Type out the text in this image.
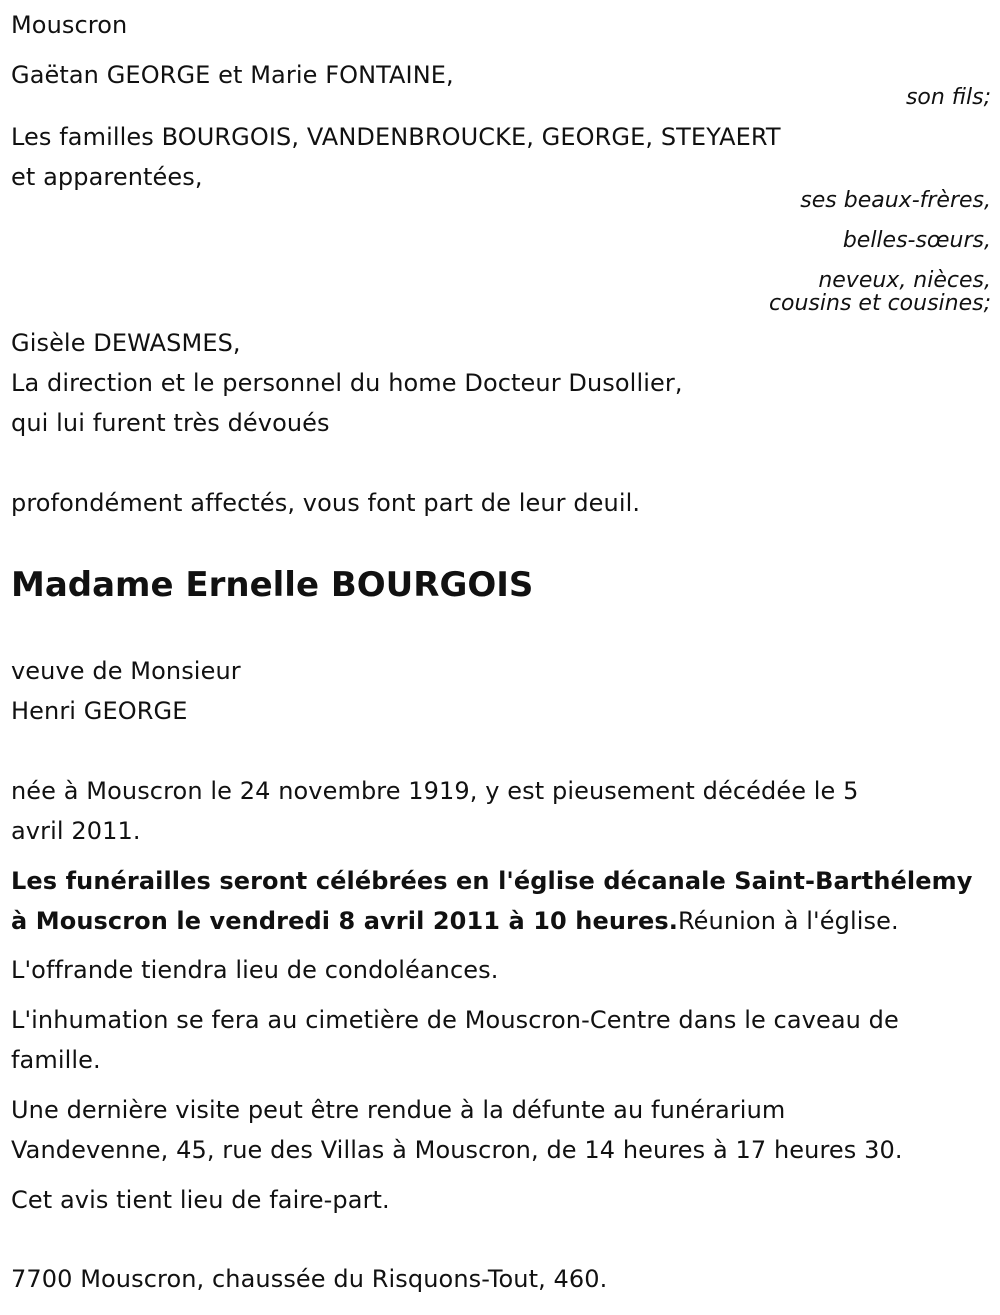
Mouscron
Gaëtan GEORGE et Marie FONTAINE,
son fils;
Les familles BOURGOIS, VANDENBROUCKE, GEORGE, STEYAERT
et apparentées,
ses beaux-frères,
belles-sœurs,
neveux, nièces,
cousins et cousines;
Gisèle DEWASMES,
La direction et le personnel du home Docteur Dusollier,
qui lui furent très dévoués
profondément affectés, vous font part de leur deuil.
Madame Ernelle BOURGOIS
veuve de Monsieur
Henri GEORGE
née à Mouscron le 24 novembre 1919, y est pieusement décédée le 5
avril 2011.
Les funérailles seront célébrées en l'église décanale Saint-Barthélemy
à Mouscron le vendredi 8 avril 2011 à 10 heures.Réunion à l'église.
L'offrande tiendra lieu de condoléances.
L'inhumation se fera au cimetière de Mouscron-Centre dans le caveau de
famille.
Une dernière visite peut être rendue à la défunte au funérarium
Vandevenne, 45, rue des Villas à Mouscron, de 14 heures à 17 heures 30.
Cet avis tient lieu de faire-part.
7700 Mouscron, chaussée du Risquons-Tout, 460.
